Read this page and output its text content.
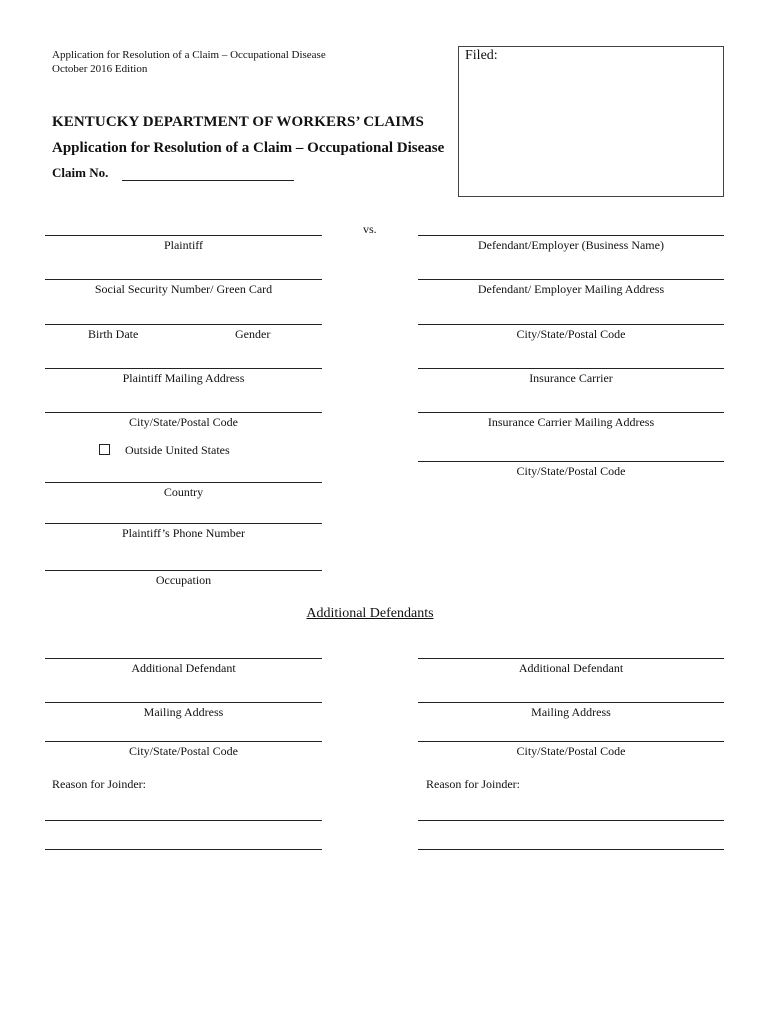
Application for Resolution of a Claim – Occupational Disease
October 2016 Edition
Filed:
KENTUCKY DEPARTMENT OF WORKERS’ CLAIMS
Application for Resolution of a Claim – Occupational Disease
Claim No.
vs.
Plaintiff
Social Security Number/ Green Card
Birth Date	Gender
Plaintiff Mailing Address
City/State/Postal Code
Outside United States
Country
Plaintiff’s Phone Number
Occupation
Defendant/Employer (Business Name)
Defendant/ Employer Mailing Address
City/State/Postal Code
Insurance Carrier
Insurance Carrier Mailing Address
City/State/Postal Code
Additional Defendants
Additional Defendant	Additional Defendant
Mailing Address	Mailing Address
City/State/Postal Code	City/State/Postal Code
Reason for Joinder:	Reason for Joinder:
